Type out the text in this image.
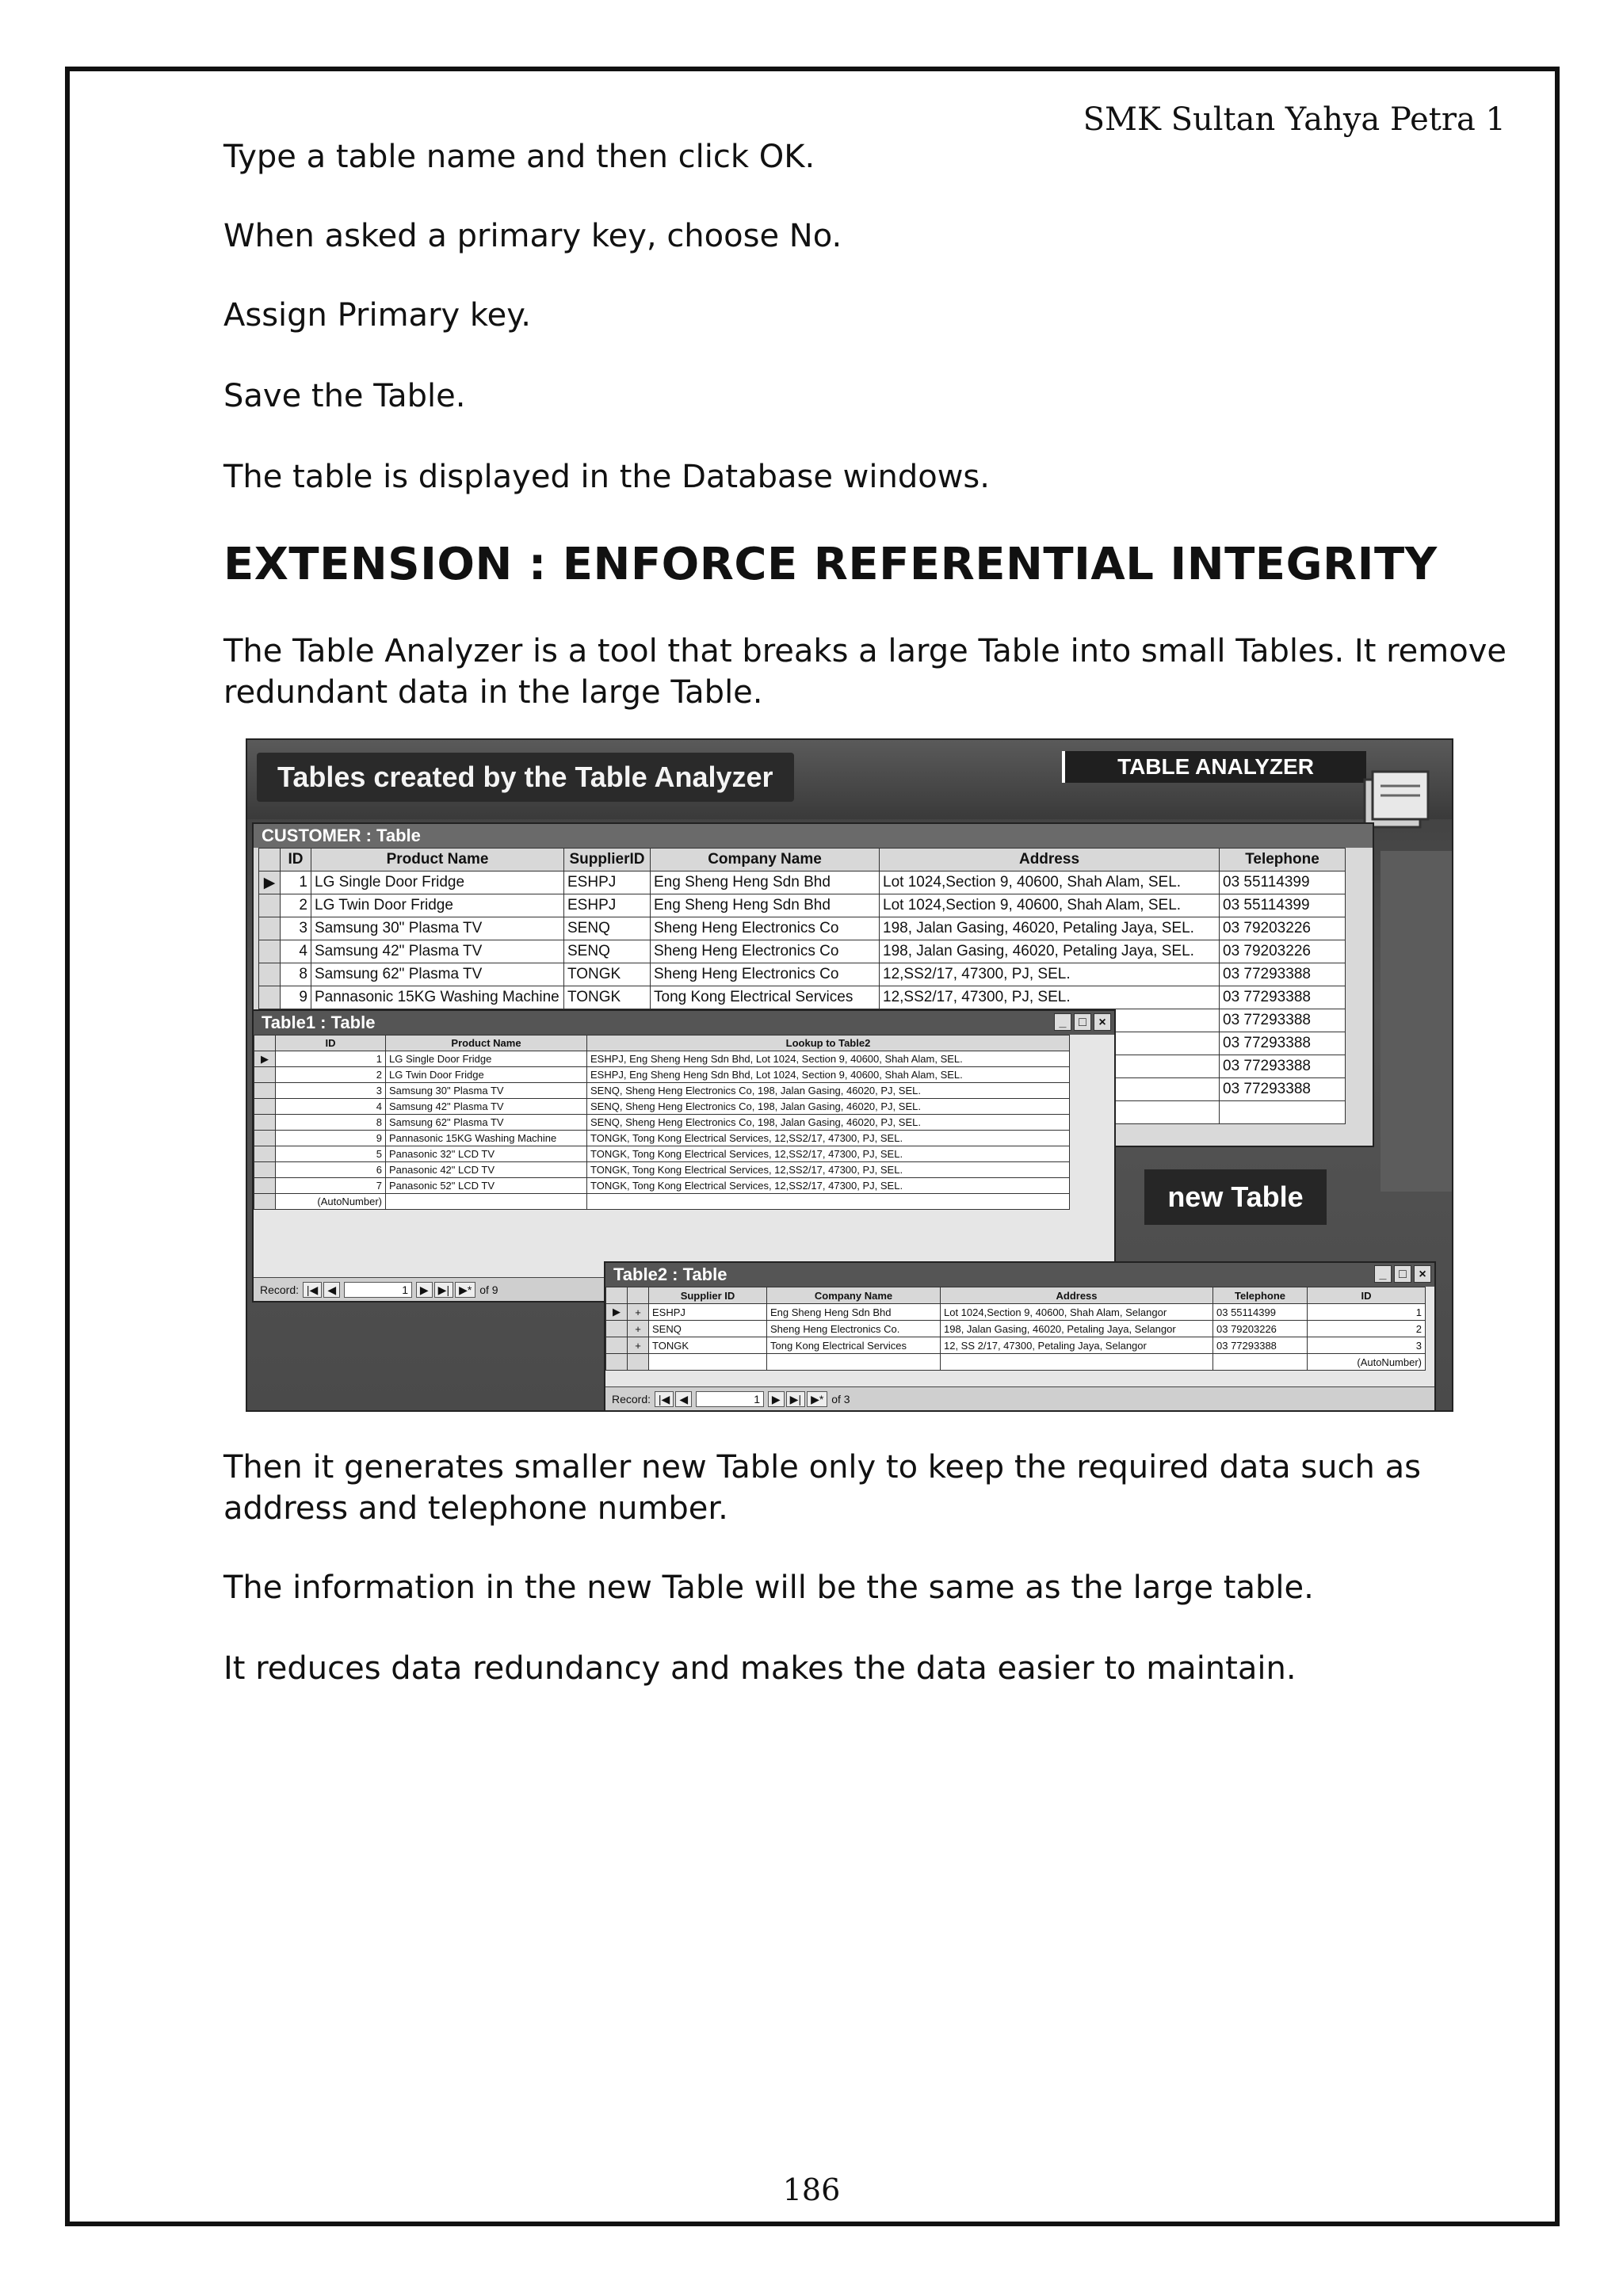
SMK Sultan Yahya Petra 1
Type a table name and then click OK.
When asked a primary key, choose No.
Assign Primary key.
Save the Table.
The table is displayed in the Database windows.
EXTENSION : ENFORCE REFERENTIAL INTEGRITY
The Table Analyzer is a tool that breaks a large Table into small Tables. It remove redundant data in the large Table.
Tables created by the Table Analyzer	TABLE ANALYZER
CUSTOMER : Table
	ID	Product Name	SupplierID	Company Name	Address	Telephone
▶	1	LG Single Door Fridge	ESHPJ	Eng Sheng Heng Sdn Bhd	Lot 1024,Section 9, 40600, Shah Alam, SEL.	03 55114399
	2	LG Twin Door Fridge	ESHPJ	Eng Sheng Heng Sdn Bhd	Lot 1024,Section 9, 40600, Shah Alam, SEL.	03 55114399
	3	Samsung 30" Plasma TV	SENQ	Sheng Heng Electronics Co	198, Jalan Gasing, 46020, Petaling Jaya, SEL.	03 79203226
	4	Samsung 42" Plasma TV	SENQ	Sheng Heng Electronics Co	198, Jalan Gasing, 46020, Petaling Jaya, SEL.	03 79203226
	8	Samsung 62" Plasma TV	TONGK	Sheng Heng Electronics Co	12,SS2/17, 47300, PJ, SEL.	03 77293388
	9	Pannasonic 15KG Washing Machine	TONGK	Tong Kong Electrical Services	12,SS2/17, 47300, PJ, SEL.	03 77293388
						03 77293388
						03 77293388
						03 77293388
						03 77293388

new Table
Table1 : Table	_ □ ×
	ID	Product Name	Lookup to Table2
▶	1	LG Single Door Fridge	ESHPJ, Eng Sheng Heng Sdn Bhd, Lot 1024, Section 9, 40600, Shah Alam, SEL.
	2	LG Twin Door Fridge	ESHPJ, Eng Sheng Heng Sdn Bhd, Lot 1024, Section 9, 40600, Shah Alam, SEL.
	3	Samsung 30" Plasma TV	SENQ, Sheng Heng Electronics Co, 198, Jalan Gasing, 46020, PJ, SEL.
	4	Samsung 42" Plasma TV	SENQ, Sheng Heng Electronics Co, 198, Jalan Gasing, 46020, PJ, SEL.
	8	Samsung 62" Plasma TV	SENQ, Sheng Heng Electronics Co, 198, Jalan Gasing, 46020, PJ, SEL.
	9	Pannasonic 15KG Washing Machine	TONGK, Tong Kong Electrical Services, 12,SS2/17, 47300, PJ, SEL.
	5	Panasonic 32" LCD TV	TONGK, Tong Kong Electrical Services, 12,SS2/17, 47300, PJ, SEL.
	6	Panasonic 42" LCD TV	TONGK, Tong Kong Electrical Services, 12,SS2/17, 47300, PJ, SEL.
	7	Panasonic 52" LCD TV	TONGK, Tong Kong Electrical Services, 12,SS2/17, 47300, PJ, SEL.
	(AutoNumber)		
Record: |◀ ◀	1 ▶ ▶| ▶* of 9
Table2 : Table	_ □ ×
		Supplier ID	Company Name	Address	Telephone	ID
▶	+	ESHPJ	Eng Sheng Heng Sdn Bhd	Lot 1024,Section 9, 40600, Shah Alam, Selangor	03 55114399	1
	+	SENQ	Sheng Heng Electronics Co.	198, Jalan Gasing, 46020, Petaling Jaya, Selangor	03 79203226	2
	+	TONGK	Tong Kong Electrical Services	12, SS 2/17, 47300, Petaling Jaya, Selangor	03 77293388	3
						(AutoNumber)
Record: |◀ ◀	1 ▶ ▶| ▶* of 3
Then it generates smaller new Table only to keep the required data such as address and telephone number.
The information in the new Table will be the same as the large table.
It reduces data redundancy and makes the data easier to maintain.
186
